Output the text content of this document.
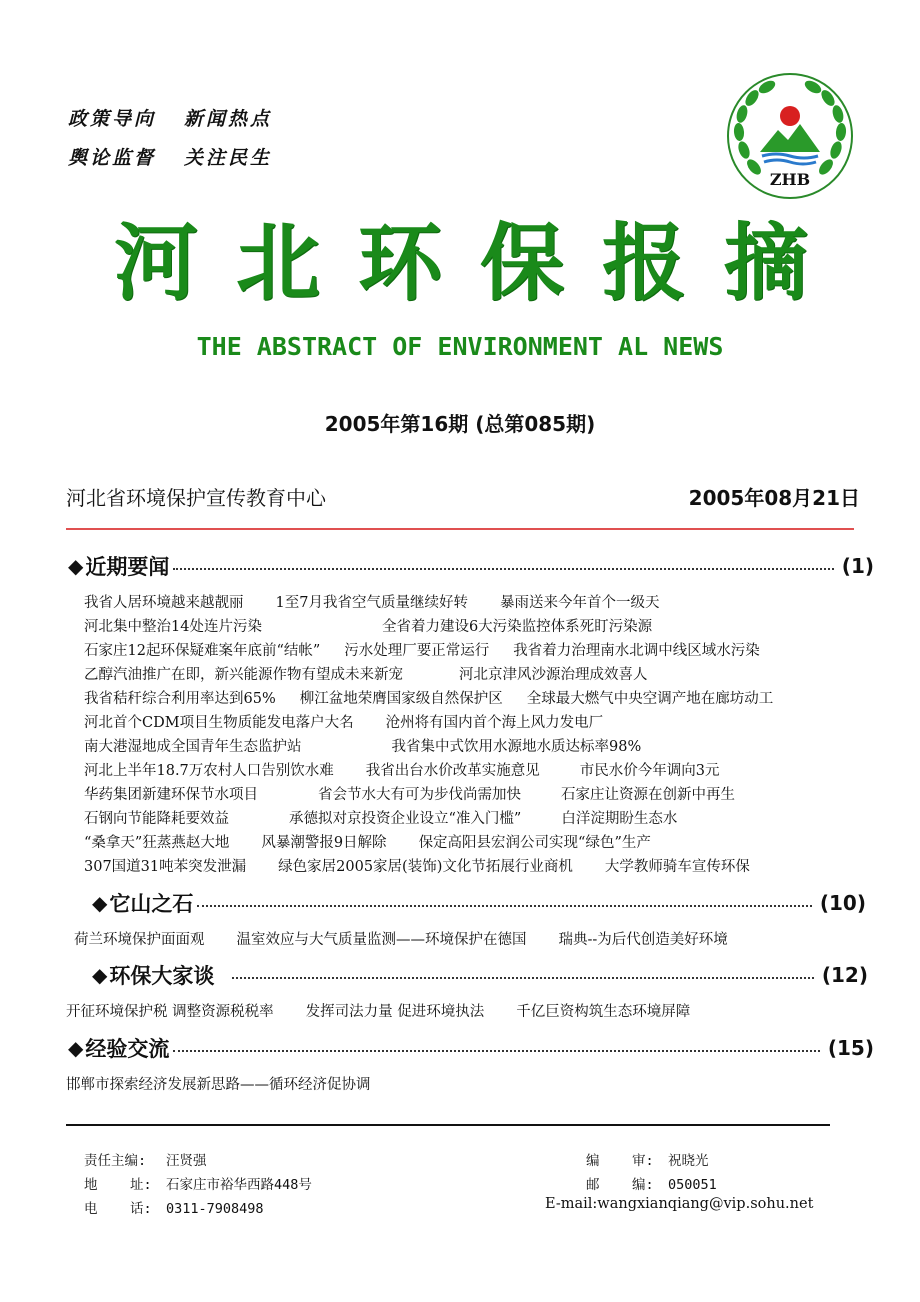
政策导向 新闻热点
舆论监督 关注民生
ZHB
河北环保报摘
THE ABSTRACT OF ENVIRONMENT AL NEWS
2005年第16期 (总第085期)
河北省环境保护宣传教育中心	2005年08月21日
◆ 近期要闻	(1)
我省人居环境越来越靓丽 1至7月我省空气质量继续好转 暴雨送来今年首个一级天
河北集中整治14处连片污染	全省着力建设6大污染监控体系死盯污染源
石家庄12起环保疑难案年底前“结帐” 污水处理厂要正常运行 我省着力治理南水北调中线区域水污染
乙醇汽油推广在即，新兴能源作物有望成未来新宠	河北京津风沙源治理成效喜人
我省秸秆综合利用率达到65% 柳江盆地荣膺国家级自然保护区 全球最大燃气中央空调产地在廊坊动工
河北首个CDM项目生物质能发电落户大名 沧州将有国内首个海上风力发电厂
南大港湿地成全国青年生态监护站	我省集中式饮用水源地水质达标率98%
河北上半年18.7万农村人口告别饮水难 我省出台水价改革实施意见	市民水价今年调向3元
华药集团新建环保节水项目	省会节水大有可为步伐尚需加快	石家庄让资源在创新中再生
石钢向节能降耗要效益	承德拟对京投资企业设立“准入门槛”	白洋淀期盼生态水
“桑拿天”狂蒸燕赵大地 风暴潮警报9日解除 保定高阳县宏润公司实现“绿色”生产
307国道31吨苯突发泄漏 绿色家居2005家居(装饰)文化节拓展行业商机 大学教师骑车宣传环保
◆ 它山之石	(10)
荷兰环境保护面面观 温室效应与大气质量监测——环境保护在德国 瑞典--为后代创造美好环境
◆ 环保大家谈	(12)
开征环境保护税 调整资源税税率 发挥司法力量 促进环境执法 千亿巨资构筑生态环境屏障
◆ 经验交流	(15)
邯郸市探索经济发展新思路——循环经济促协调
责任主编: 汪贤强	编    审: 祝晓光
地    址: 石家庄市裕华西路448号	邮    编: 050051
电    话: 0311-7908498	E-mail:wangxianqiang@vip.sohu.net
